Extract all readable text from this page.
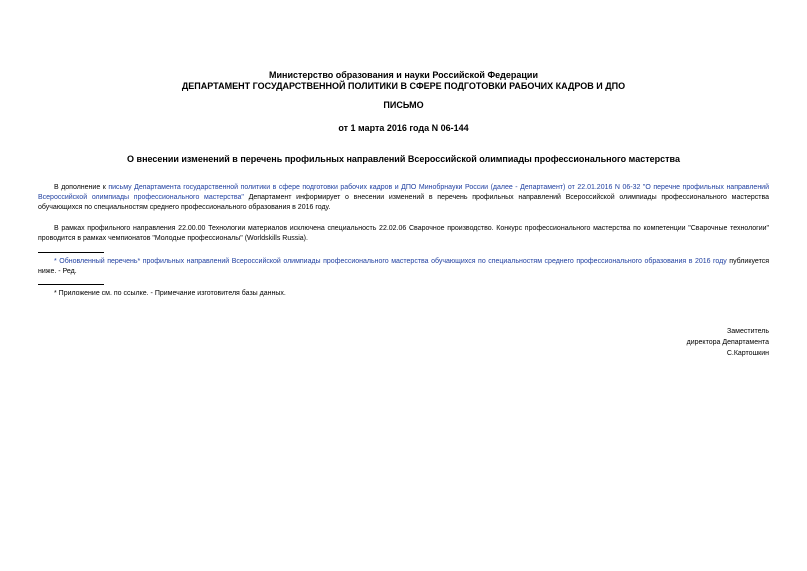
Министерство образования и науки Российской Федерации
ДЕПАРТАМЕНТ ГОСУДАРСТВЕННОЙ ПОЛИТИКИ В СФЕРЕ ПОДГОТОВКИ РАБОЧИХ КАДРОВ И ДПО
ПИСЬМО
от 1 марта 2016 года N 06-144
О внесении изменений в перечень профильных направлений Всероссийской олимпиады профессионального мастерства
В дополнение к письму Департамента государственной политики в сфере подготовки рабочих кадров и ДПО Минобрнауки России (далее - Департамент) от 22.01.2016 N 06-32 "О перечне профильных направлений Всероссийской олимпиады профессионального мастерства" Департамент информирует о внесении изменений в перечень профильных направлений Всероссийской олимпиады профессионального мастерства обучающихся по специальностям среднего профессионального образования в 2016 году.
В рамках профильного направления 22.00.00 Технологии материалов исключена специальность 22.02.06 Сварочное производство. Конкурс профессионального мастерства по компетенции "Сварочные технологии" проводится в рамках чемпионатов "Молодые профессионалы" (Worldskills Russia).
* Обновленный перечень* профильных направлений Всероссийской олимпиады профессионального мастерства обучающихся по специальностям среднего профессионального образования в 2016 году публикуется ниже. - Ред.
* Приложение см. по ссылке. - Примечание изготовителя базы данных.
Заместитель
директора Департамента
С.Картошкин
